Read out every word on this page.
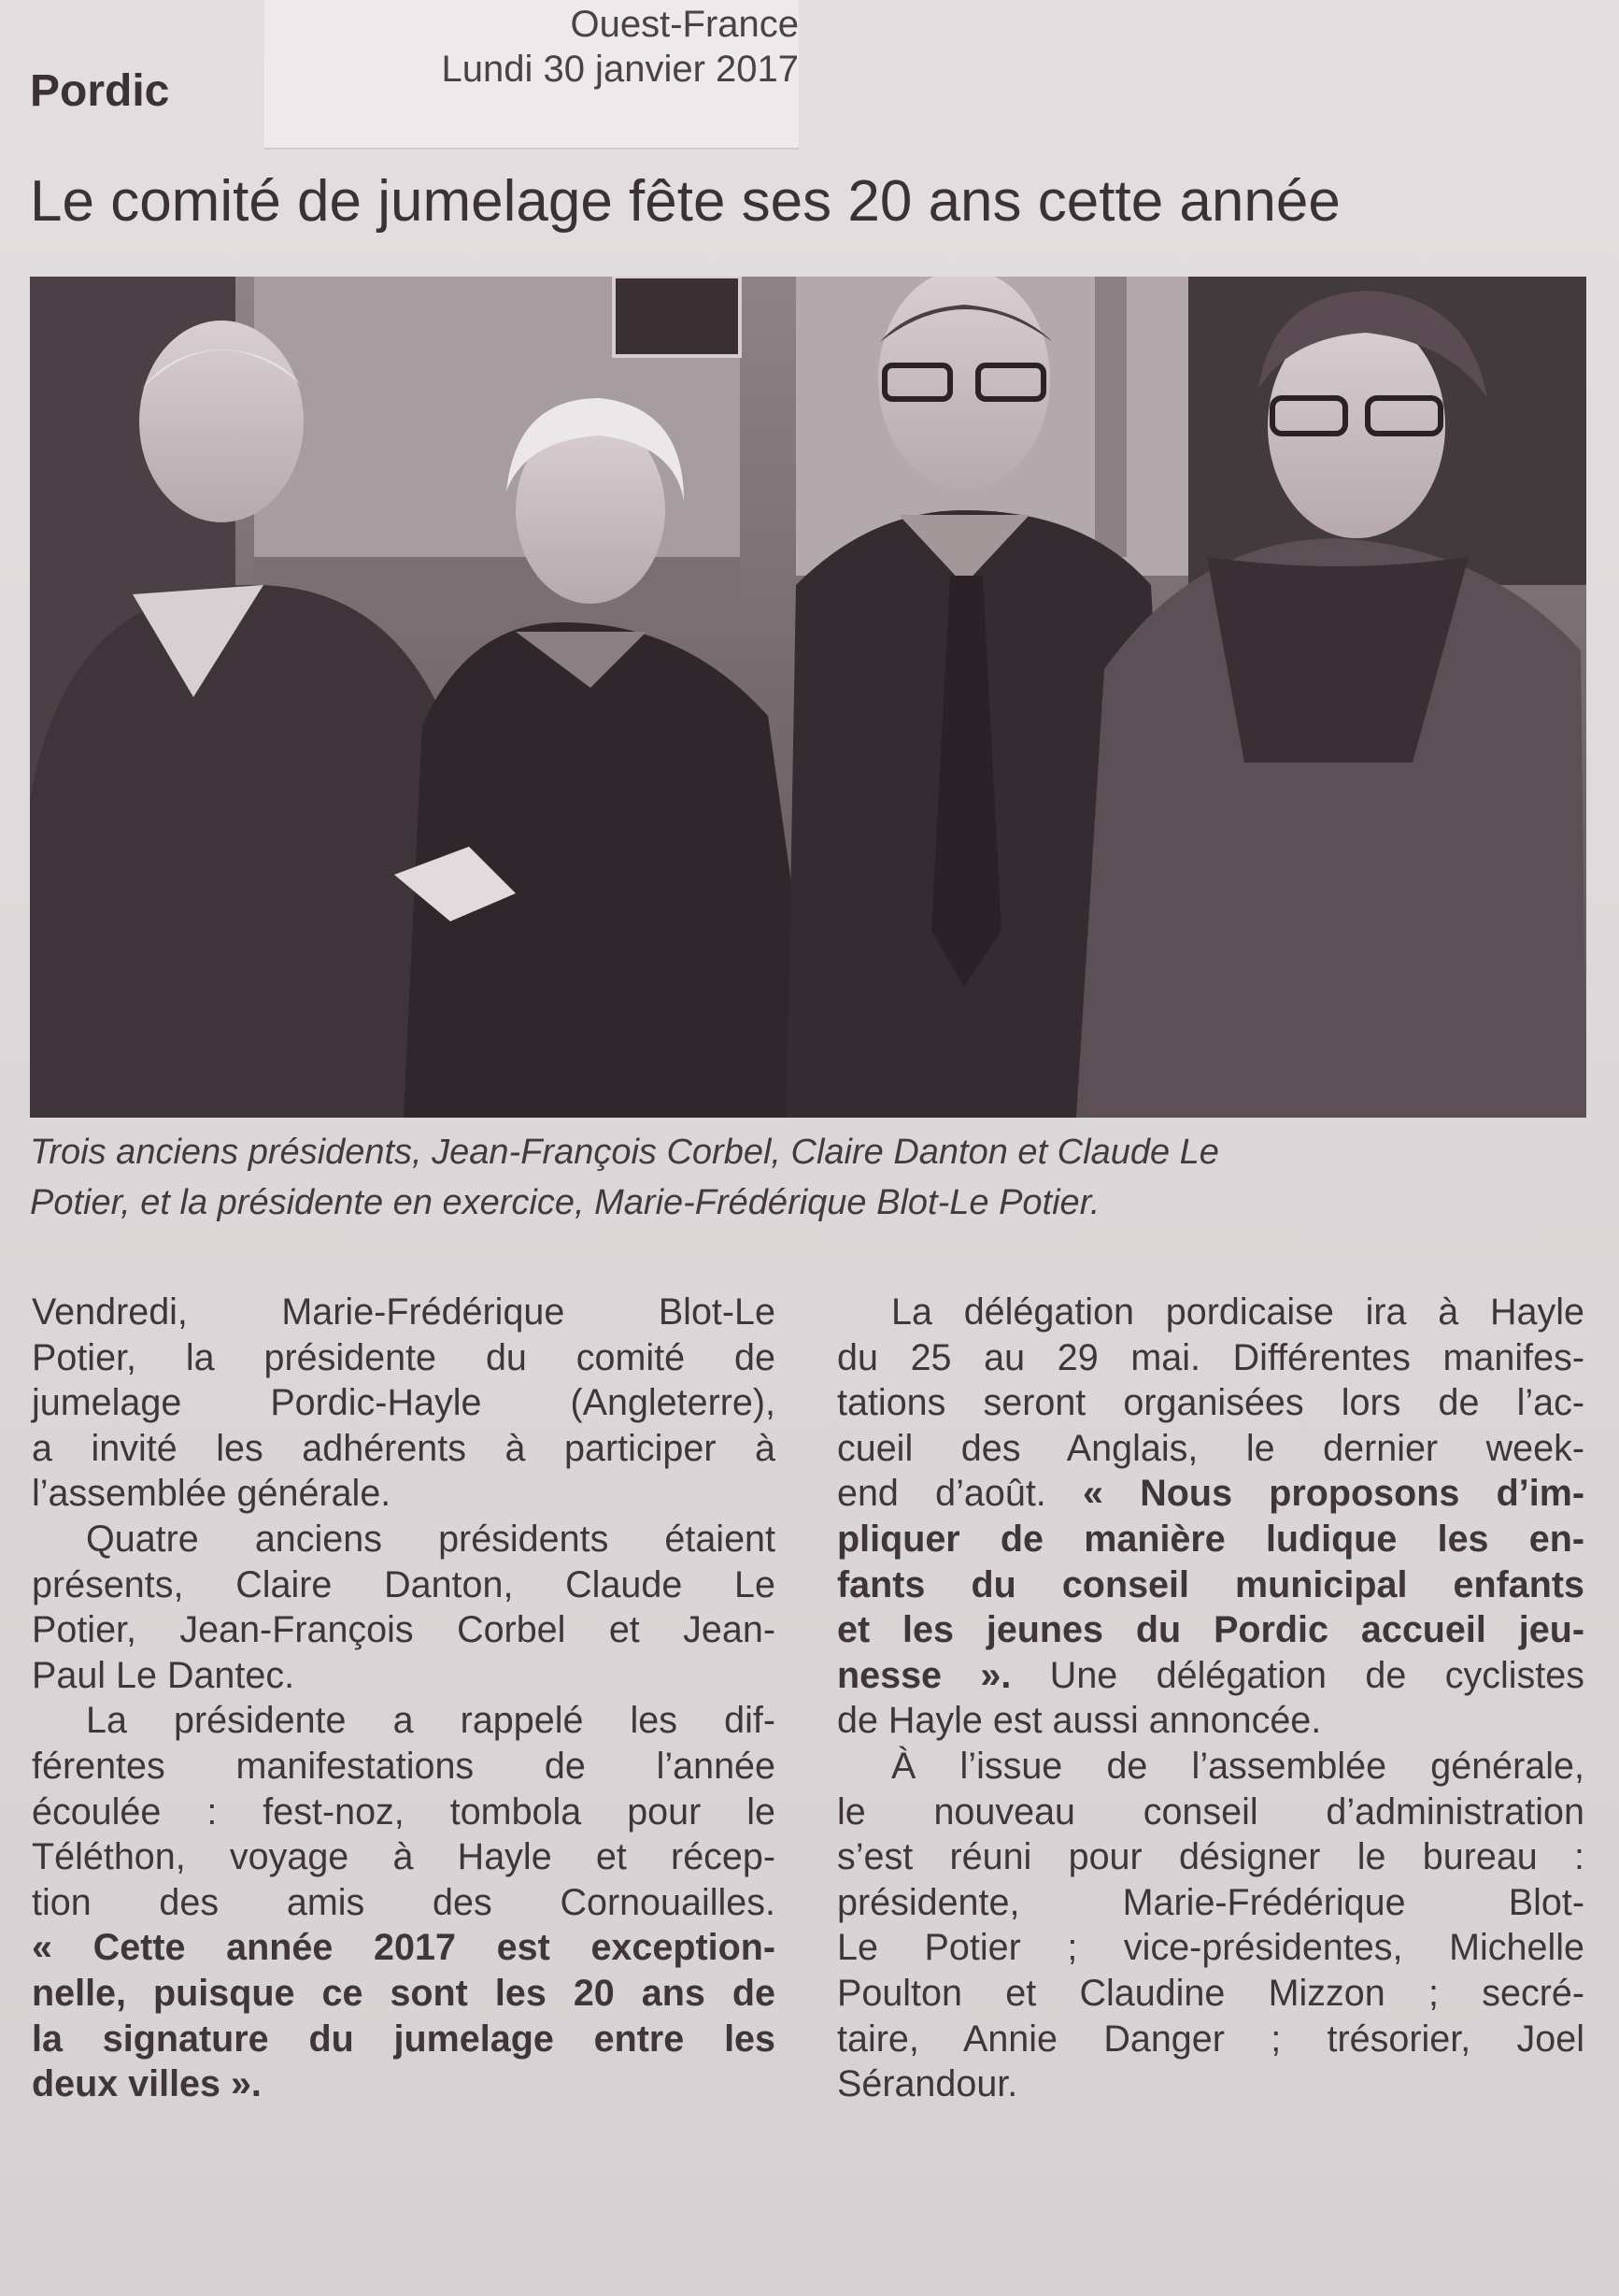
Ouest-France
Lundi 30 janvier 2017
Pordic
Le comité de jumelage fête ses 20 ans cette année
Trois anciens présidents, Jean-François Corbel, Claire Danton et Claude Le
Potier, et la présidente en exercice, Marie-Frédérique Blot-Le Potier.
Vendredi, Marie-Frédérique Blot-Le
Potier, la présidente du comité de
jumelage Pordic-Hayle (Angleterre),
a invité les adhérents à participer à
l’assemblée générale.
Quatre anciens présidents étaient
présents, Claire Danton, Claude Le
Potier, Jean-François Corbel et Jean-
Paul Le Dantec.
La présidente a rappelé les dif-
férentes manifestations de l’année
écoulée : fest-noz, tombola pour le
Téléthon, voyage à Hayle et récep-
tion des amis des Cornouailles.
« Cette année 2017 est exception-
nelle, puisque ce sont les 20 ans de
la signature du jumelage entre les
deux villes ».
La délégation pordicaise ira à Hayle
du 25 au 29 mai. Différentes manifes-
tations seront organisées lors de l’ac-
cueil des Anglais, le dernier week-
end d’août. « Nous proposons d’im-
pliquer de manière ludique les en-
fants du conseil municipal enfants
et les jeunes du Pordic accueil jeu-
nesse ». Une délégation de cyclistes
de Hayle est aussi annoncée.
À l’issue de l’assemblée générale,
le nouveau conseil d’administration
s’est réuni pour désigner le bureau :
présidente, Marie-Frédérique Blot-
Le Potier ; vice-présidentes, Michelle
Poulton et Claudine Mizzon ; secré-
taire, Annie Danger ; trésorier, Joel
Sérandour.
